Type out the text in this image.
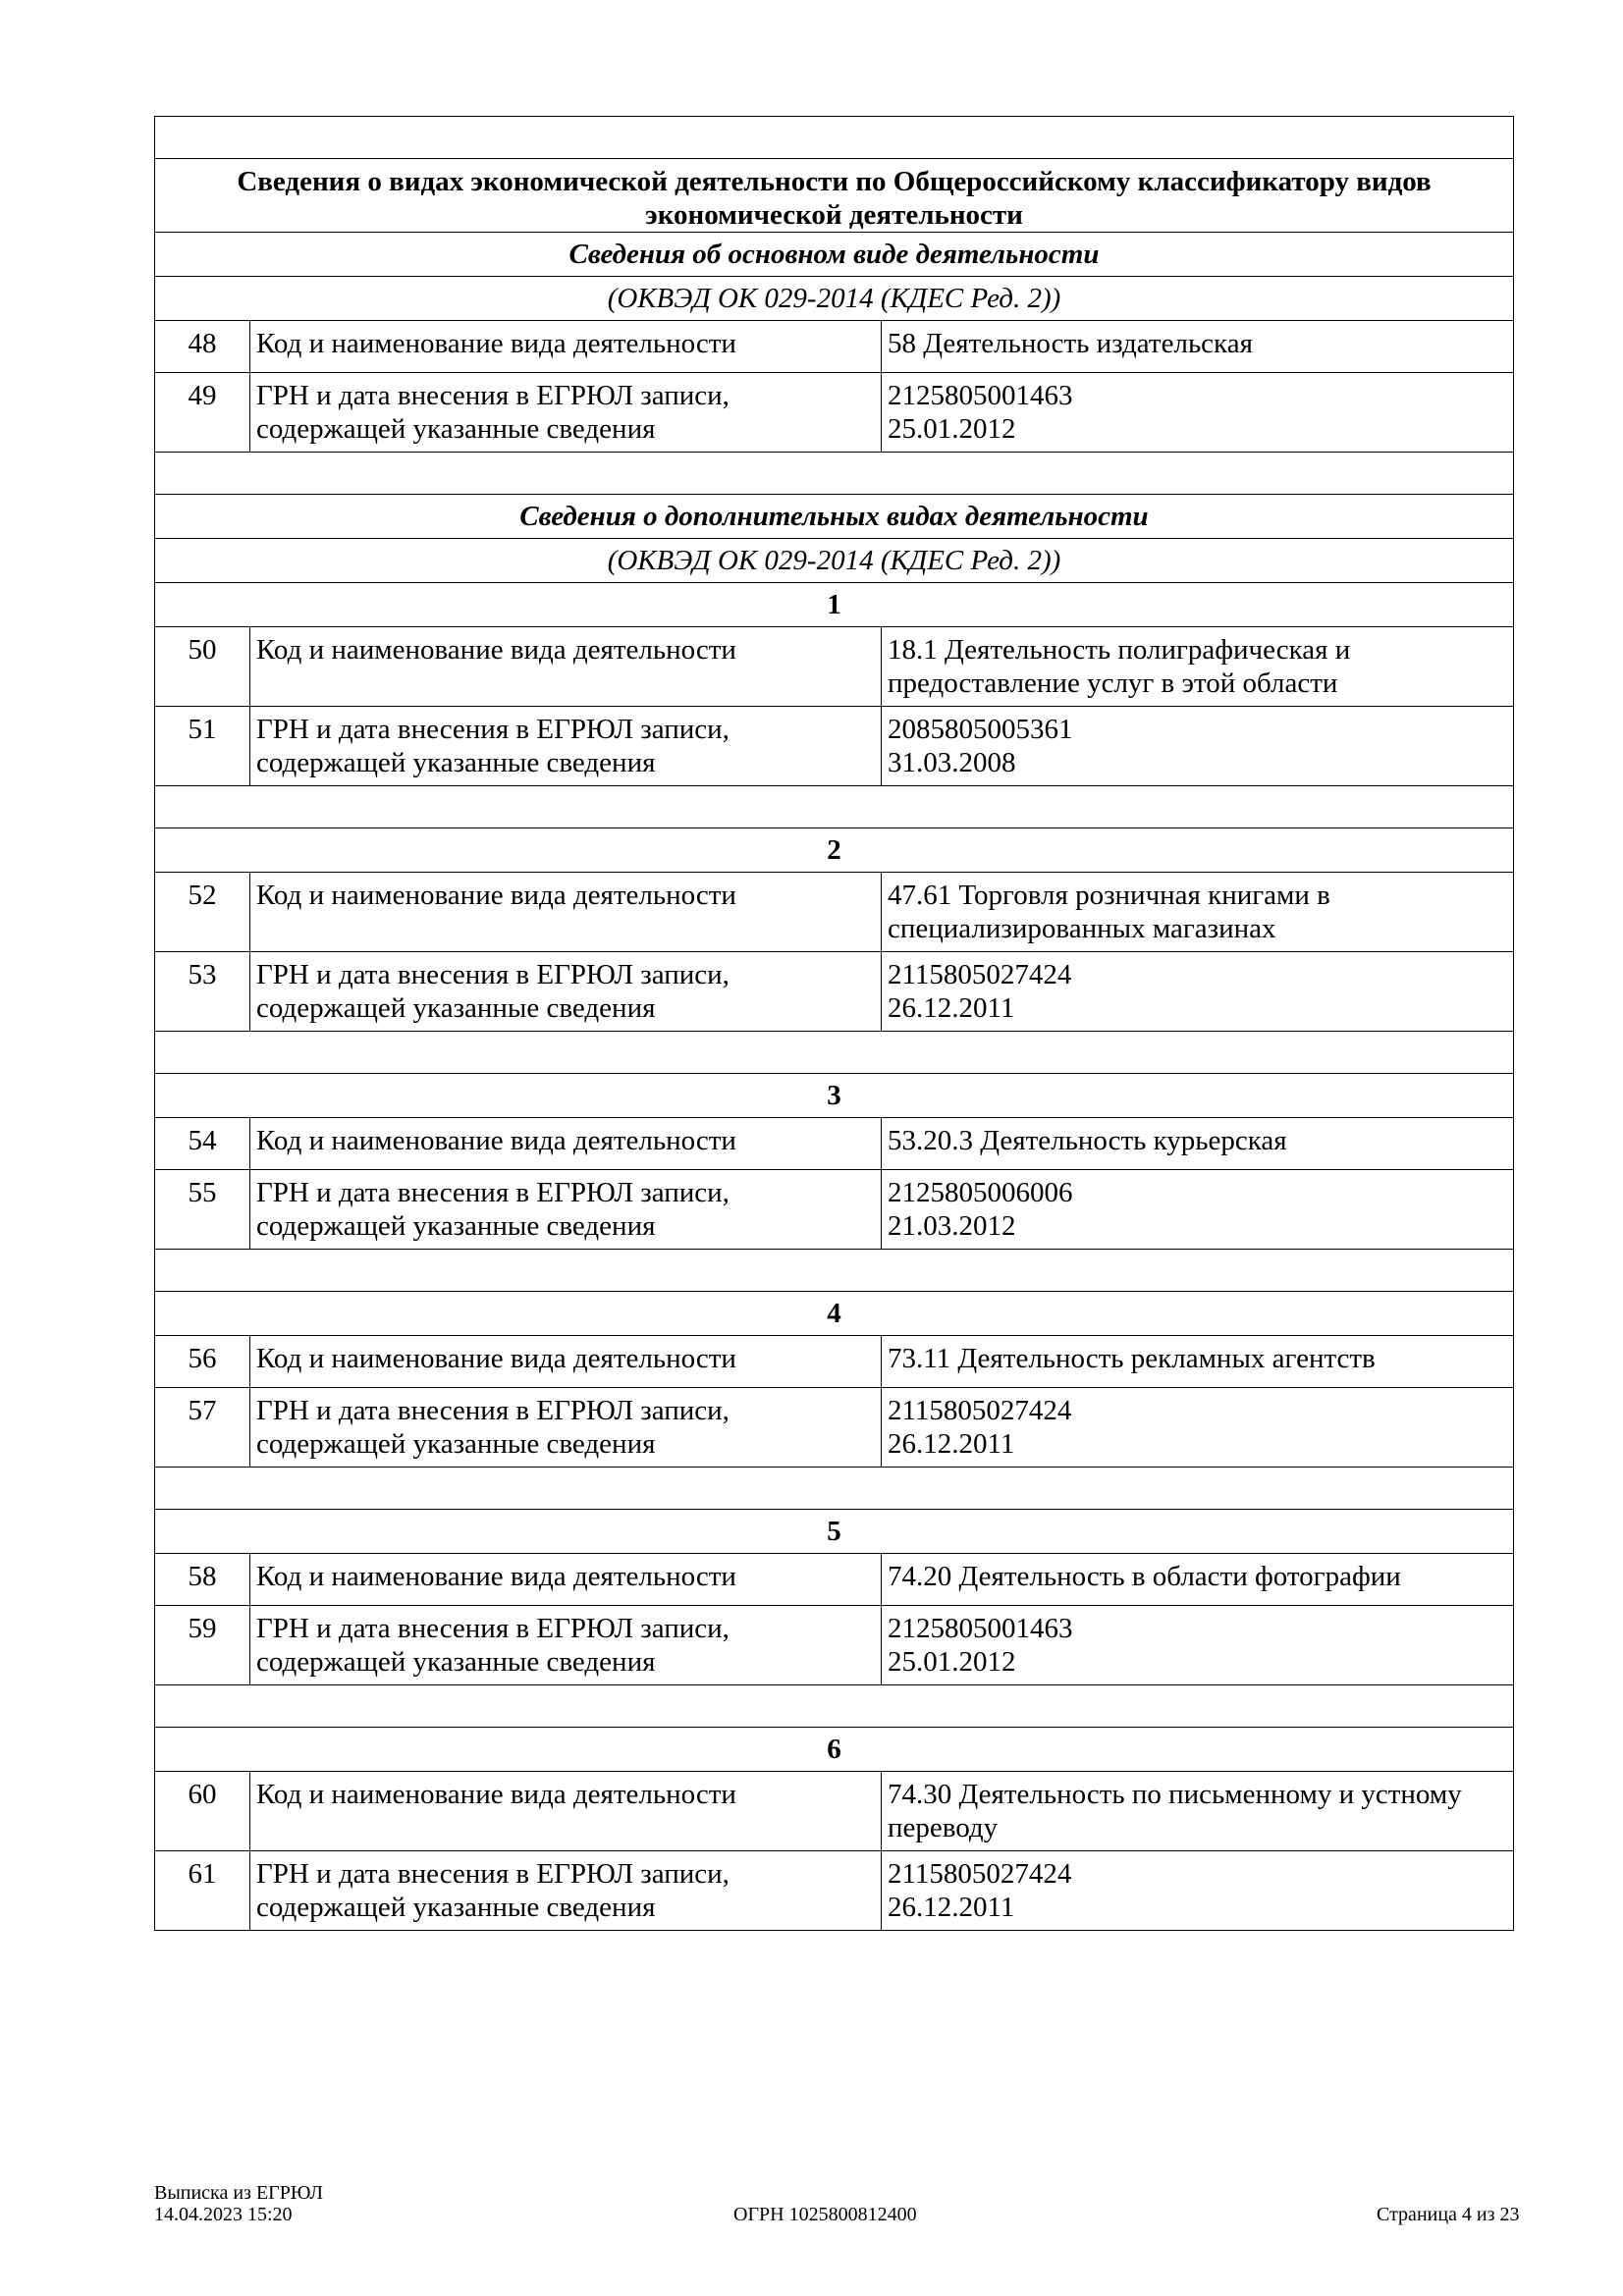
Сведения о видах экономической деятельности по Общероссийскому классификатору видов экономической деятельности		
Сведения об основном виде деятельности		
(ОКВЭД ОК 029-2014 (КДЕС Ред. 2))		
48	Код и наименование вида деятельности	58 Деятельность издательская
49	ГРН и дата внесения в ЕГРЮЛ записи, содержащей указанные сведения	2125805001463
25.01.2012

Сведения о дополнительных видах деятельности		
(ОКВЭД ОК 029-2014 (КДЕС Ред. 2))		
1		
50	Код и наименование вида деятельности	18.1 Деятельность полиграфическая и предоставление услуг в этой области
51	ГРН и дата внесения в ЕГРЮЛ записи, содержащей указанные сведения	2085805005361
31.03.2008

2		
52	Код и наименование вида деятельности	47.61 Торговля розничная книгами в специализированных магазинах
53	ГРН и дата внесения в ЕГРЮЛ записи, содержащей указанные сведения	2115805027424
26.12.2011

3		
54	Код и наименование вида деятельности	53.20.3 Деятельность курьерская
55	ГРН и дата внесения в ЕГРЮЛ записи, содержащей указанные сведения	2125805006006
21.03.2012

4		
56	Код и наименование вида деятельности	73.11 Деятельность рекламных агентств
57	ГРН и дата внесения в ЕГРЮЛ записи, содержащей указанные сведения	2115805027424
26.12.2011

5		
58	Код и наименование вида деятельности	74.20 Деятельность в области фотографии
59	ГРН и дата внесения в ЕГРЮЛ записи, содержащей указанные сведения	2125805001463
25.01.2012

6		
60	Код и наименование вида деятельности	74.30 Деятельность по письменному и устному переводу
61	ГРН и дата внесения в ЕГРЮЛ записи, содержащей указанные сведения	2115805027424
26.12.2011
Выписка из ЕГРЮЛ
14.04.2023 15:20	ОГРН 1025800812400	Страница 4 из 23
